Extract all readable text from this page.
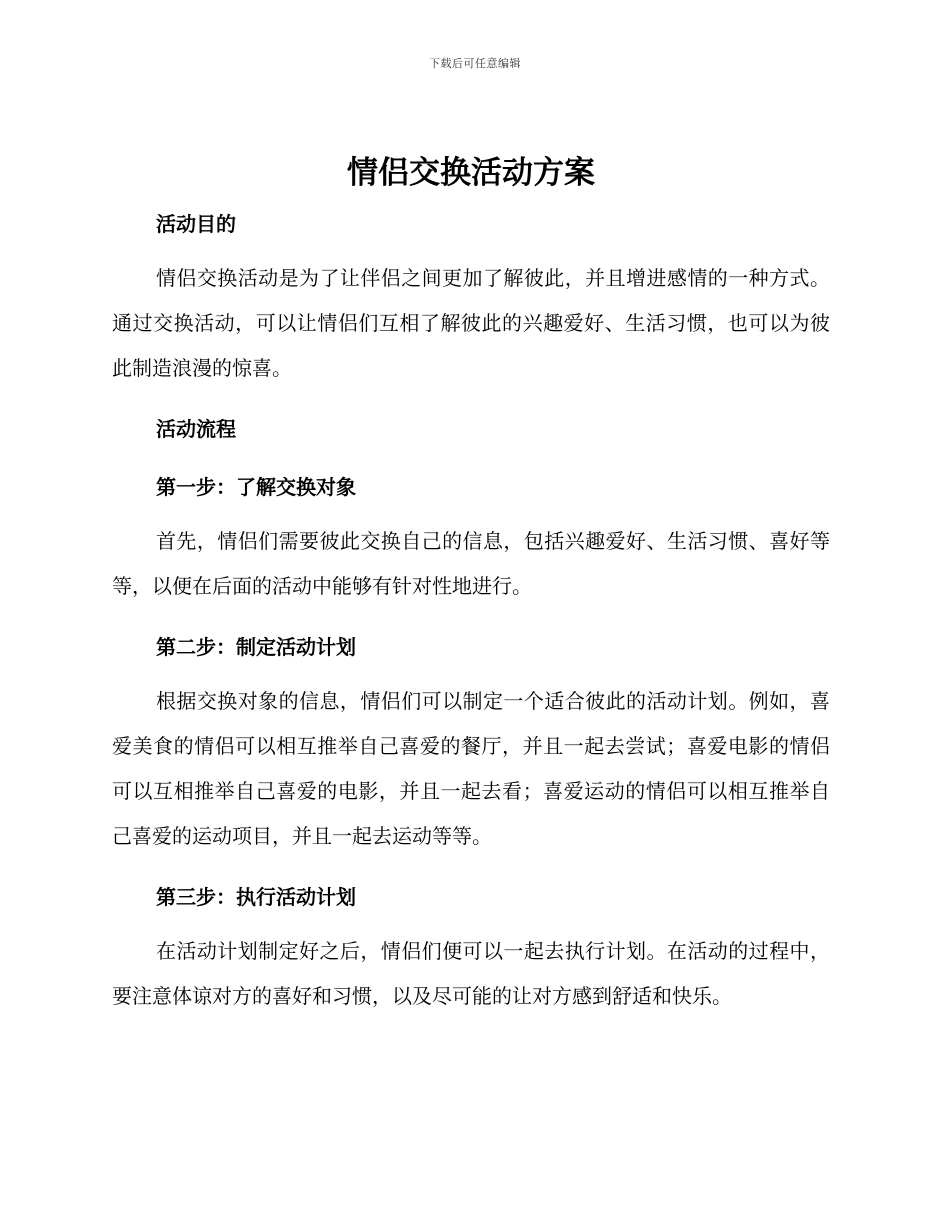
下载后可任意编辑
情侣交换活动方案
活动目的

情侣交换活动是为了让伴侣之间更加了解彼此，并且增进感情的一种方式。通过交换活动，可以让情侣们互相了解彼此的兴趣爱好、生活习惯，也可以为彼此制造浪漫的惊喜。

活动流程
第一步：了解交换对象

首先，情侣们需要彼此交换自己的信息，包括兴趣爱好、生活习惯、喜好等等，以便在后面的活动中能够有针对性地进行。

第二步：制定活动计划

根据交换对象的信息，情侣们可以制定一个适合彼此的活动计划。例如，喜爱美食的情侣可以相互推举自己喜爱的餐厅，并且一起去尝试；喜爱电影的情侣可以互相推举自己喜爱的电影，并且一起去看；喜爱运动的情侣可以相互推举自己喜爱的运动项目，并且一起去运动等等。

第三步：执行活动计划

在活动计划制定好之后，情侣们便可以一起去执行计划。在活动的过程中，要注意体谅对方的喜好和习惯，以及尽可能的让对方感到舒适和快乐。
